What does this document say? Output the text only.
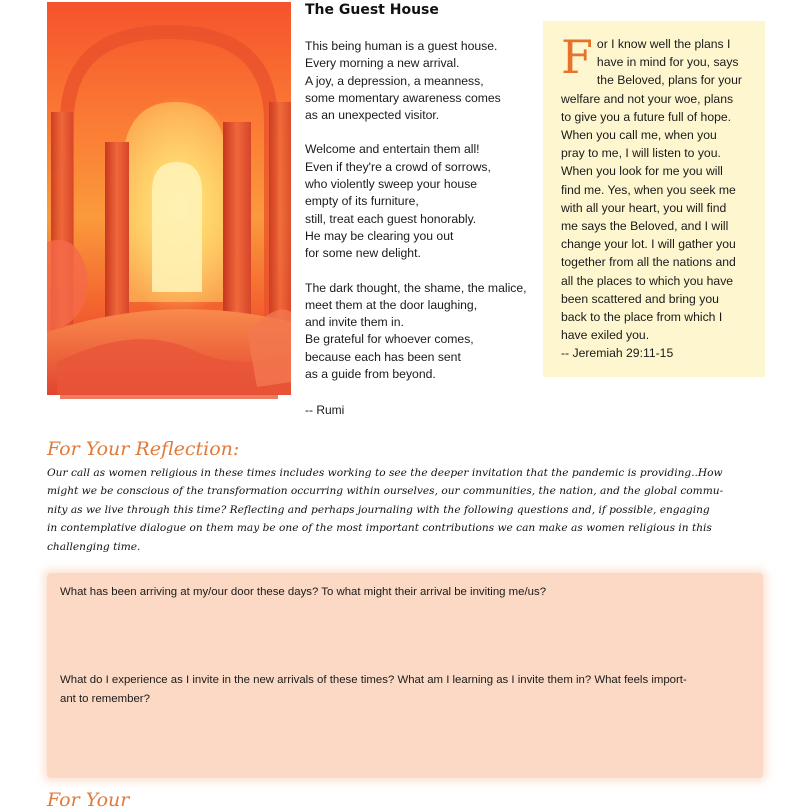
The Guest House

This being human is a guest house.
Every morning a new arrival.
A joy, a depression, a meanness,
some momentary awareness comes
as an unexpected visitor.

Welcome and entertain them all!
Even if they're a crowd of sorrows,
who violently sweep your house
empty of its furniture,
still, treat each guest honorably.
He may be clearing you out
for some new delight.

The dark thought, the shame, the malice,
meet them at the door laughing,
and invite them in.
Be grateful for whoever comes,
because each has been sent
as a guide from beyond.

-- Rumi
F or I know well the plans I
have in mind for you, says
the Beloved, plans for your
welfare and not your woe, plans
to give you a future full of hope.
When you call me, when you
pray to me, I will listen to you.
When you look for me you will
find me. Yes, when you seek me
with all your heart, you will find
me says the Beloved, and I will
change your lot. I will gather you
together from all the nations and
all the places to which you have
been scattered and bring you
back to the place from which I
have exiled you.
-- Jeremiah 29:11-15
For Your Reflection:
Our call as women religious in these times includes working to see the deeper invitation that the pandemic is providing..How
might we be conscious of the transformation occurring within ourselves, our communities, the nation, and the global commu-
nity as we live through this time? Reflecting and perhaps journaling with the following questions and, if possible, engaging
in contemplative dialogue on them may be one of the most important contributions we can make as women religious in this
challenging time.
What has been arriving at my/our door these days? To what might their arrival be inviting me/us?
What do I experience as I invite in the new arrivals of these times? What am I learning as I invite them in? What feels import-
ant to remember?
For Your
